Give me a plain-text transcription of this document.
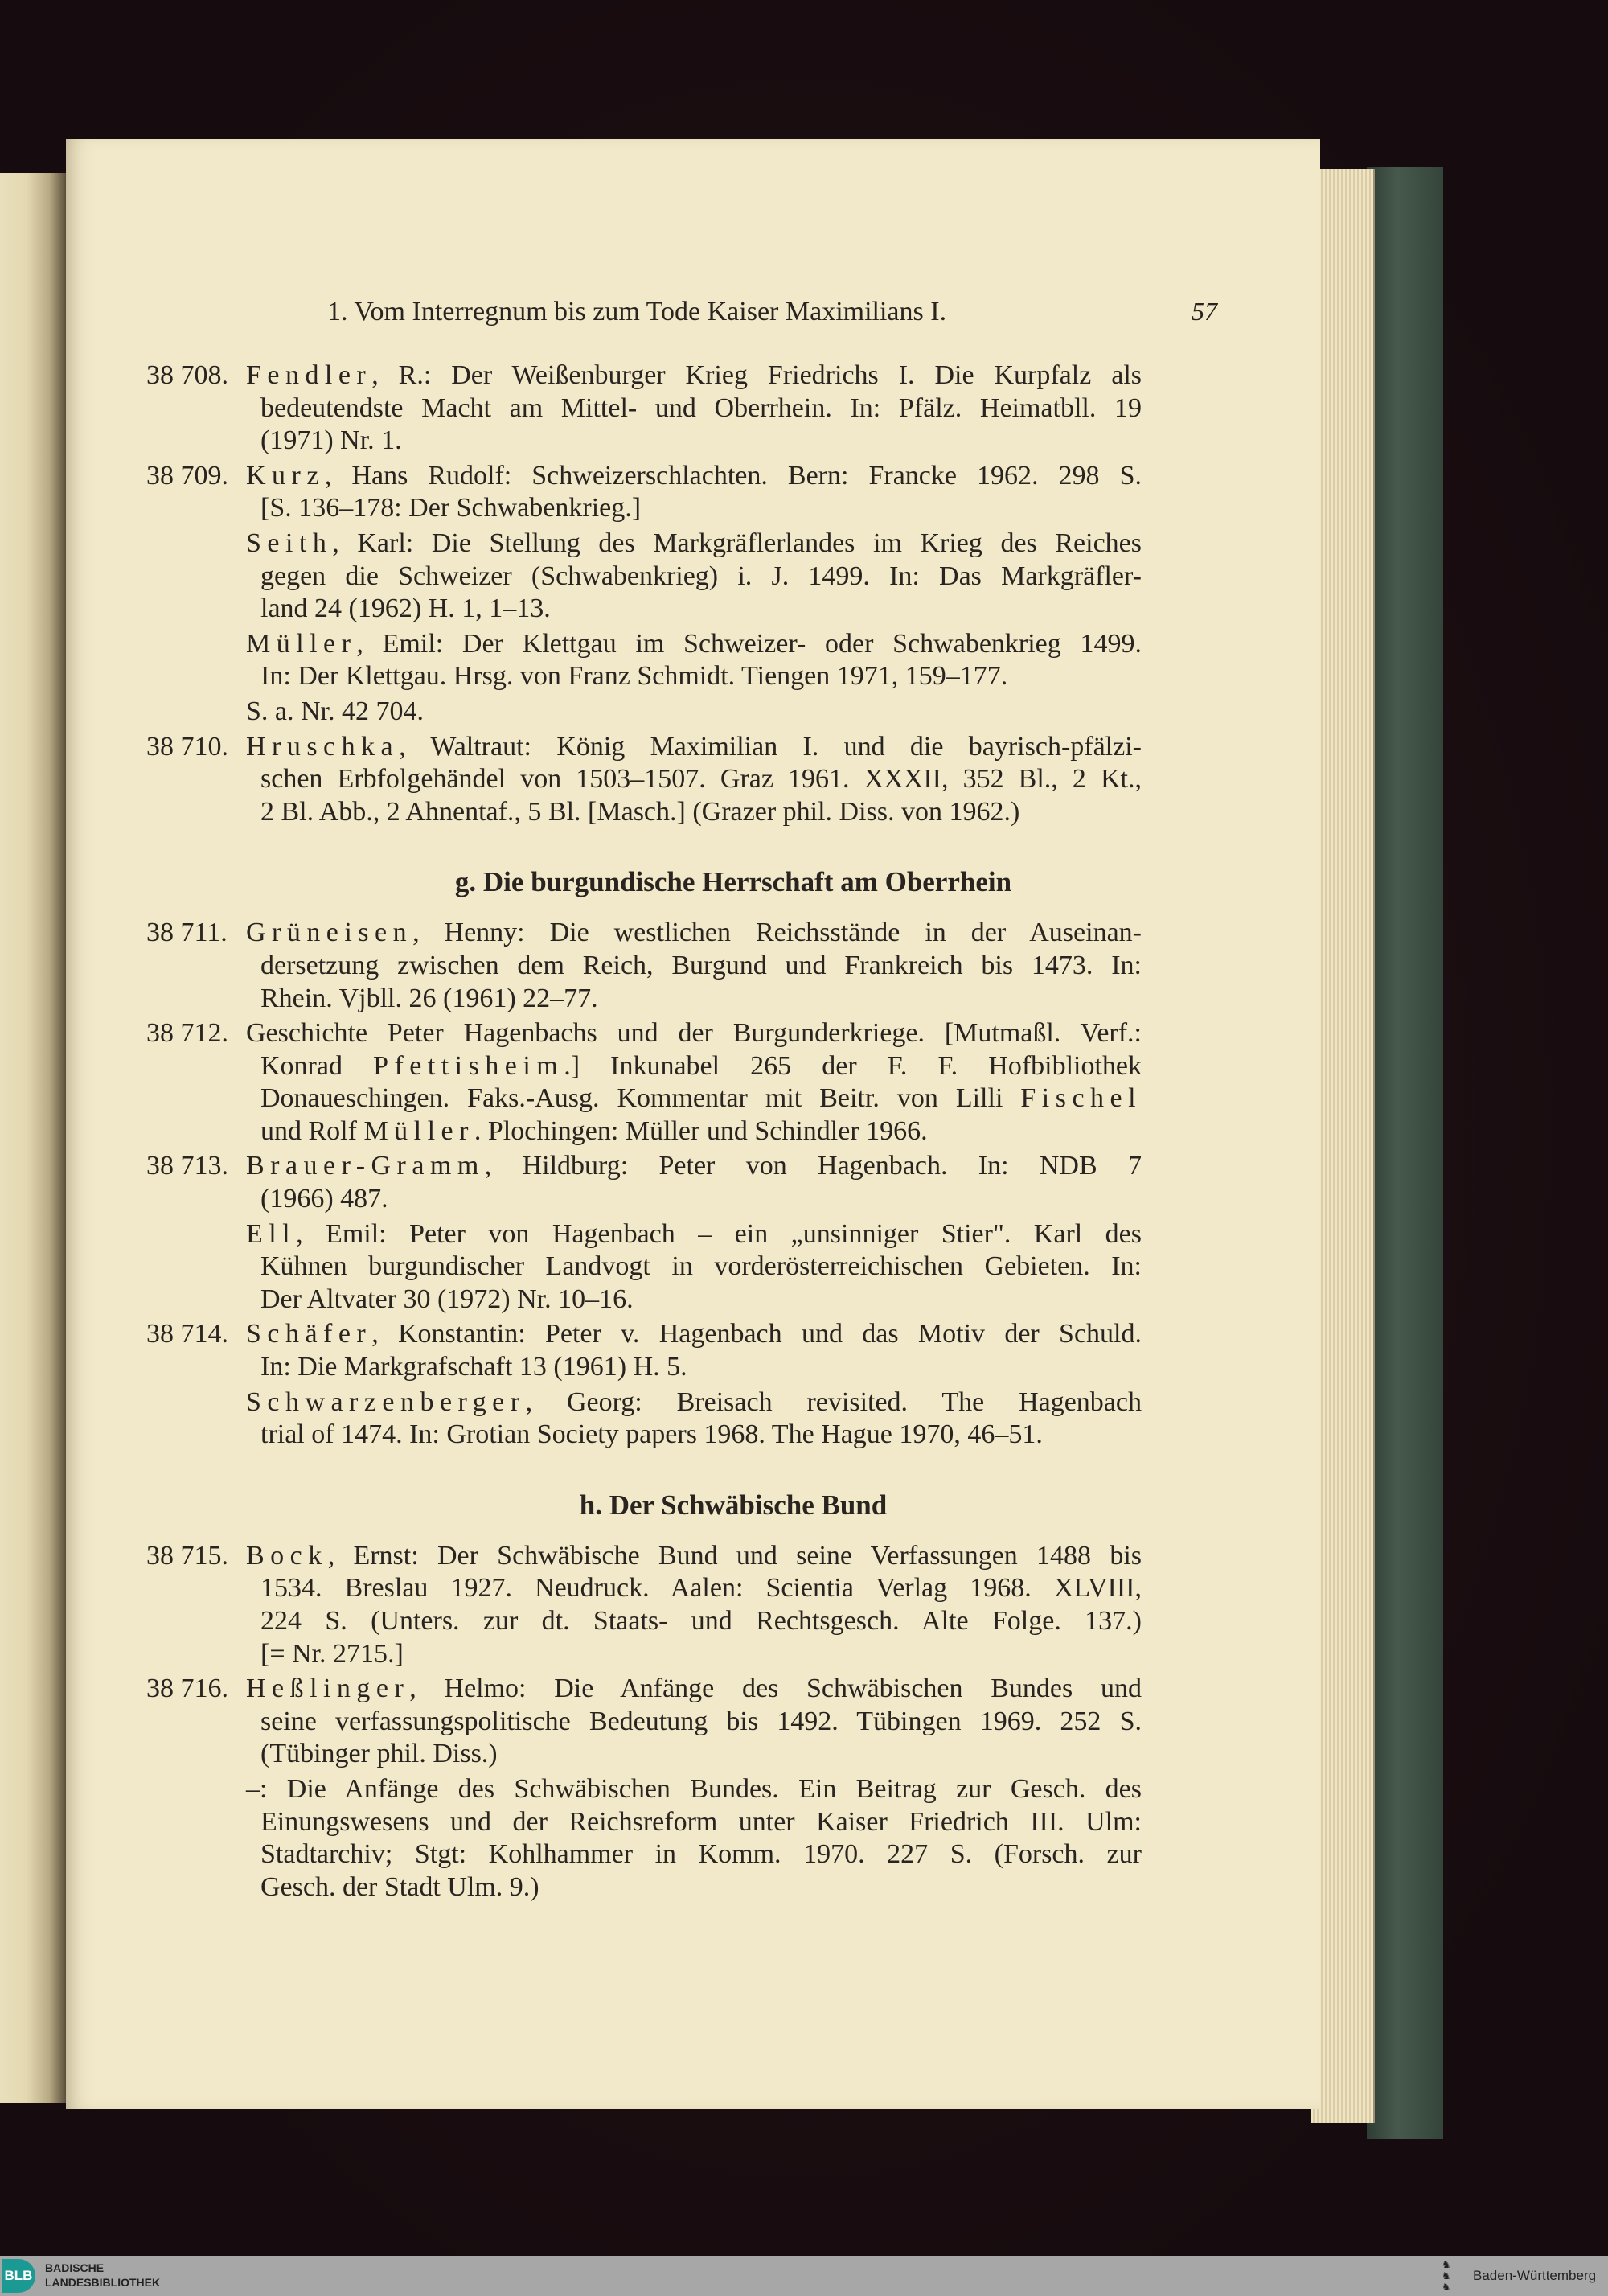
1. Vom Interregnum bis zum Tode Kaiser Maximilians I.	57
38 708. Fendler, R.: Der Weißenburger Krieg Friedrichs I. Die Kurpfalz als
bedeutendste Macht am Mittel- und Oberrhein. In: Pfälz. Heimatbll. 19
(1971) Nr. 1.
38 709. Kurz, Hans Rudolf: Schweizerschlachten. Bern: Francke 1962. 298 S.
[S. 136–178: Der Schwabenkrieg.]
Seith, Karl: Die Stellung des Markgräflerlandes im Krieg des Reiches
gegen die Schweizer (Schwabenkrieg) i. J. 1499. In: Das Markgräfler-
land 24 (1962) H. 1, 1–13.
Müller, Emil: Der Klettgau im Schweizer- oder Schwabenkrieg 1499.
In: Der Klettgau. Hrsg. von Franz Schmidt. Tiengen 1971, 159–177.
S. a. Nr. 42 704.
38 710. Hruschka, Waltraut: König Maximilian I. und die bayrisch-pfälzi-
schen Erbfolgehändel von 1503–1507. Graz 1961. XXXII, 352 Bl., 2 Kt.,
2 Bl. Abb., 2 Ahnentaf., 5 Bl. [Masch.] (Grazer phil. Diss. von 1962.)
g. Die burgundische Herrschaft am Oberrhein
38 711. Grüneisen, Henny: Die westlichen Reichsstände in der Auseinan-
dersetzung zwischen dem Reich, Burgund und Frankreich bis 1473. In:
Rhein. Vjbll. 26 (1961) 22–77.
38 712. Geschichte Peter Hagenbachs und der Burgunderkriege. [Mutmaßl. Verf.:
Konrad Pfettisheim.] Inkunabel 265 der F. F. Hofbibliothek
Donaueschingen. Faks.-Ausg. Kommentar mit Beitr. von Lilli Fischel
und Rolf Müller. Plochingen: Müller und Schindler 1966.
38 713. Brauer-Gramm, Hildburg: Peter von Hagenbach. In: NDB 7
(1966) 487.
Ell, Emil: Peter von Hagenbach – ein „unsinniger Stier". Karl des
Kühnen burgundischer Landvogt in vorderösterreichischen Gebieten. In:
Der Altvater 30 (1972) Nr. 10–16.
38 714. Schäfer, Konstantin: Peter v. Hagenbach und das Motiv der Schuld.
In: Die Markgrafschaft 13 (1961) H. 5.
Schwarzenberger, Georg: Breisach revisited. The Hagenbach
trial of 1474. In: Grotian Society papers 1968. The Hague 1970, 46–51.
h. Der Schwäbische Bund
38 715. Bock, Ernst: Der Schwäbische Bund und seine Verfassungen 1488 bis
1534. Breslau 1927. Neudruck. Aalen: Scientia Verlag 1968. XLVIII,
224 S. (Unters. zur dt. Staats- und Rechtsgesch. Alte Folge. 137.)
[= Nr. 2715.]
38 716. Heßlinger, Helmo: Die Anfänge des Schwäbischen Bundes und
seine verfassungspolitische Bedeutung bis 1492. Tübingen 1969. 252 S.
(Tübinger phil. Diss.)
–: Die Anfänge des Schwäbischen Bundes. Ein Beitrag zur Gesch. des
Einungswesens und der Reichsreform unter Kaiser Friedrich III. Ulm:
Stadtarchiv; Stgt: Kohlhammer in Komm. 1970. 227 S. (Forsch. zur
Gesch. der Stadt Ulm. 9.)
BLB BADISCHE
LANDESBIBLIOTHEK
♞
♞
♞
Baden-Württemberg
